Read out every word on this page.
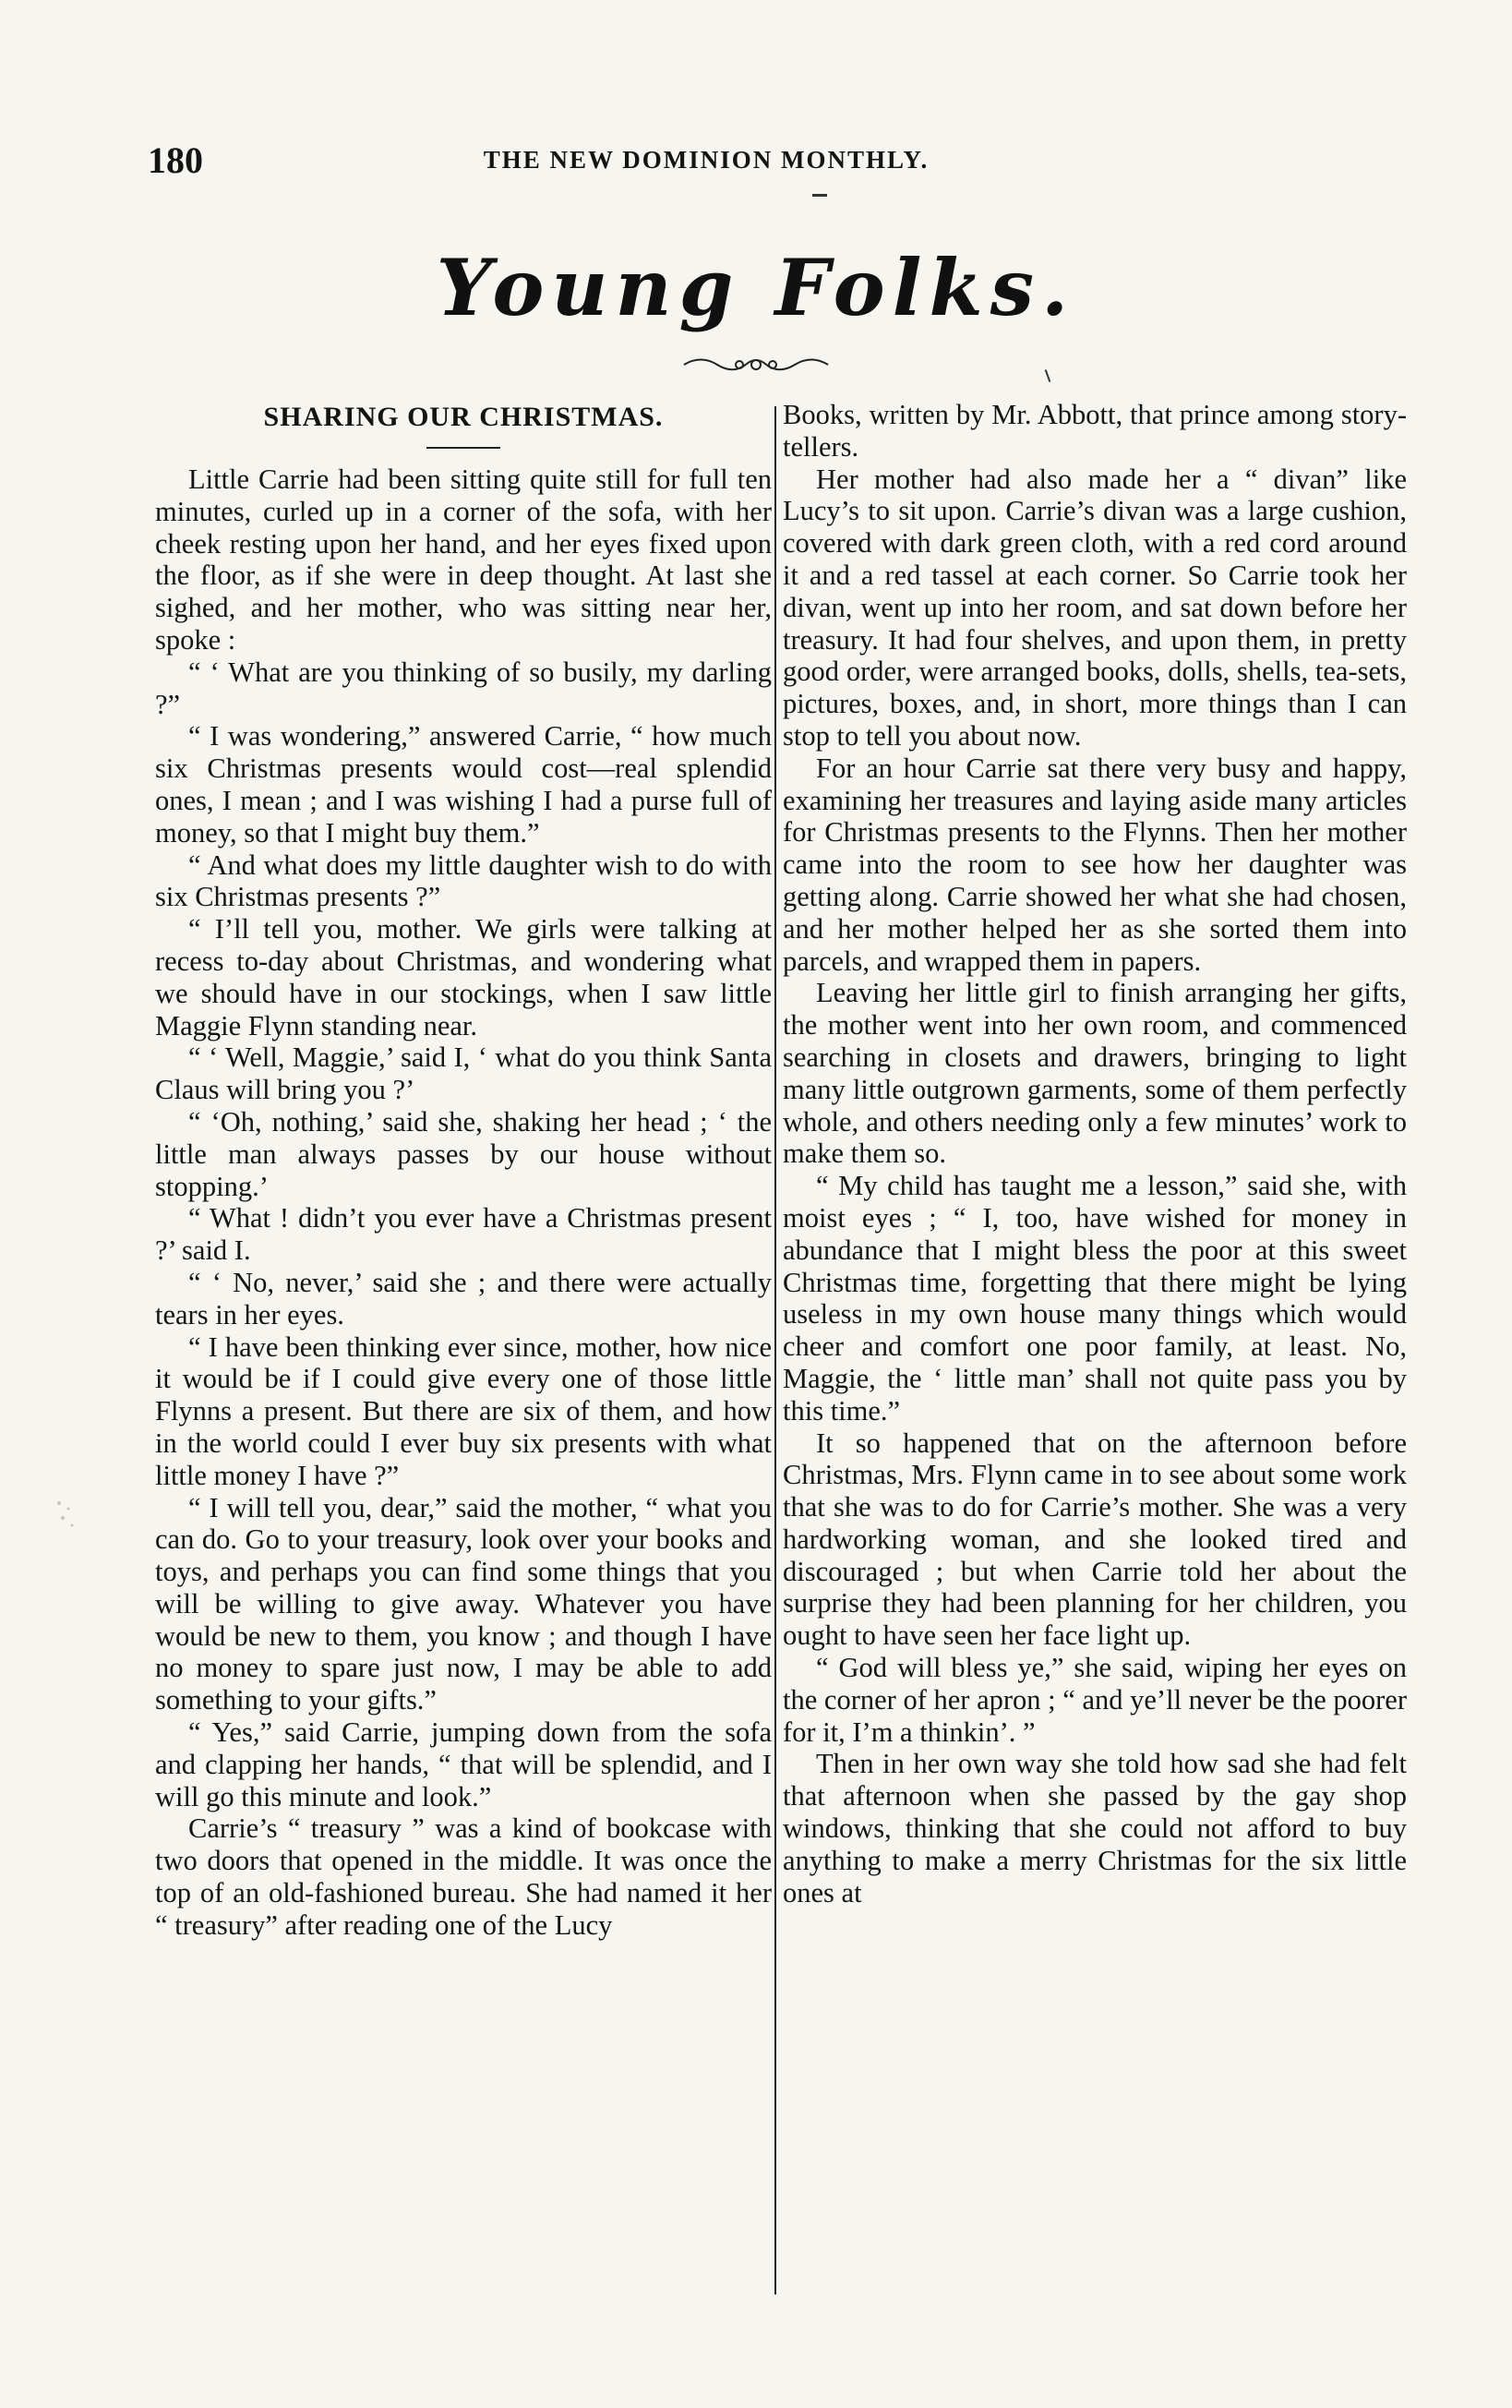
180	THE NEW DOMINION MONTHLY.
Young Folks.
SHARING OUR CHRISTMAS.

Little Carrie had been sitting quite still for full ten minutes, curled up in a corner of the sofa, with her cheek resting upon her hand, and her eyes fixed upon the floor, as if she were in deep thought. At last she sighed, and her mother, who was sitting near her, spoke :

“ ‘ What are you thinking of so busily, my darling ?”

“ I was wondering,” answered Carrie, “ how much six Christmas presents would cost—real splendid ones, I mean ; and I was wishing I had a purse full of money, so that I might buy them.”

“ And what does my little daughter wish to do with six Christmas presents ?”

“ I’ll tell you, mother. We girls were talking at recess to-day about Christmas, and wondering what we should have in our stockings, when I saw little Maggie Flynn standing near.

“ ‘ Well, Maggie,’ said I, ‘ what do you think Santa Claus will bring you ?’

“ ‘Oh, nothing,’ said she, shaking her head ; ‘ the little man always passes by our house without stopping.’

“ What ! didn’t you ever have a Christmas present ?’ said I.

“ ‘ No, never,’ said she ; and there were actually tears in her eyes.

“ I have been thinking ever since, mother, how nice it would be if I could give every one of those little Flynns a present. But there are six of them, and how in the world could I ever buy six presents with what little money I have ?”

“ I will tell you, dear,” said the mother, “ what you can do. Go to your treasury, look over your books and toys, and perhaps you can find some things that you will be willing to give away. Whatever you have would be new to them, you know ; and though I have no money to spare just now, I may be able to add something to your gifts.”

“ Yes,” said Carrie, jumping down from the sofa and clapping her hands, “ that will be splendid, and I will go this minute and look.”

Carrie’s “ treasury ” was a kind of bookcase with two doors that opened in the middle. It was once the top of an old-fashioned bureau. She had named it her “ treasury” after reading one of the Lucy

Books, written by Mr. Abbott, that prince among story-tellers.

Her mother had also made her a “ divan” like Lucy’s to sit upon. Carrie’s divan was a large cushion, covered with dark green cloth, with a red cord around it and a red tassel at each corner. So Carrie took her divan, went up into her room, and sat down before her treasury. It had four shelves, and upon them, in pretty good order, were arranged books, dolls, shells, tea-sets, pictures, boxes, and, in short, more things than I can stop to tell you about now.

For an hour Carrie sat there very busy and happy, examining her treasures and laying aside many articles for Christmas presents to the Flynns. Then her mother came into the room to see how her daughter was getting along. Carrie showed her what she had chosen, and her mother helped her as she sorted them into parcels, and wrapped them in papers.

Leaving her little girl to finish arranging her gifts, the mother went into her own room, and commenced searching in closets and drawers, bringing to light many little outgrown garments, some of them perfectly whole, and others needing only a few minutes’ work to make them so.

“ My child has taught me a lesson,” said she, with moist eyes ; “ I, too, have wished for money in abundance that I might bless the poor at this sweet Christmas time, forgetting that there might be lying useless in my own house many things which would cheer and comfort one poor family, at least. No, Maggie, the ‘ little man’ shall not quite pass you by this time.”

It so happened that on the afternoon before Christmas, Mrs. Flynn came in to see about some work that she was to do for Carrie’s mother. She was a very hardworking woman, and she looked tired and discouraged ; but when Carrie told her about the surprise they had been planning for her children, you ought to have seen her face light up.

“ God will bless ye,” she said, wiping her eyes on the corner of her apron ; “ and ye’ll never be the poorer for it, I’m a thinkin’. ”

Then in her own way she told how sad she had felt that afternoon when she passed by the gay shop windows, thinking that she could not afford to buy anything to make a merry Christmas for the six little ones at
